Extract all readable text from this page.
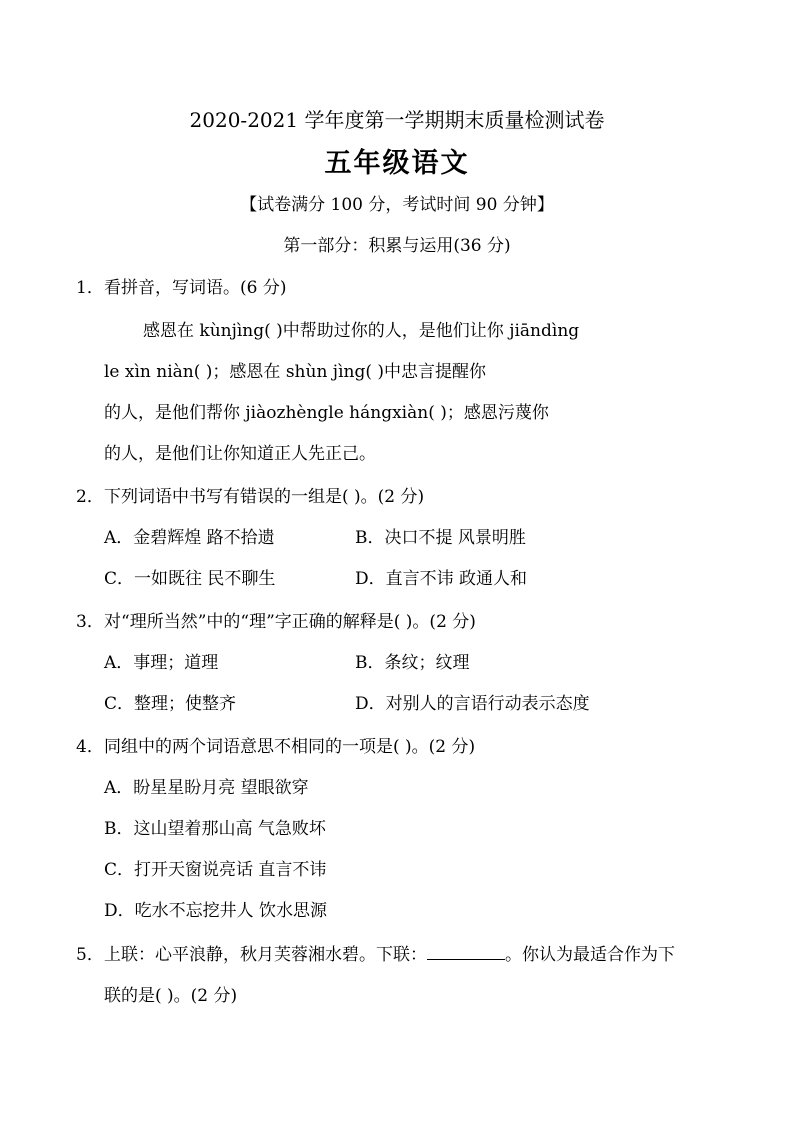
2020-2021 学年度第一学期期末质量检测试卷
五年级语文
【试卷满分 100 分，考试时间 90 分钟】
第一部分：积累与运用(36 分)
1． 看拼音，写词语。(6 分)
感恩在 kùnjìng( )中帮助过你的人，是他们让你 jiāndìng
le xìn niàn( )；感恩在 shùn jìng( )中忠言提醒你
的人，是他们帮你 jiàozhèngle hángxiàn( )；感恩污蔑你
的人，是他们让你知道正人先正己。
2． 下列词语中书写有错误的一组是( )。(2 分)
A．金碧辉煌 路不拾遗	B．决口不提 风景明胜
C．一如既往 民不聊生	D．直言不讳 政通人和
3． 对“理所当然”中的“理”字正确的解释是( )。(2 分)
A．事理；道理	B．条纹；纹理
C．整理；使整齐	D．对别人的言语行动表示态度
4． 同组中的两个词语意思不相同的一项是( )。(2 分)
A．盼星星盼月亮 望眼欲穿
B．这山望着那山高 气急败坏
C．打开天窗说亮话 直言不讳
D．吃水不忘挖井人 饮水思源
5． 上联：心平浪静，秋月芙蓉湘水碧。下联：	。你认为最适合作为下
联的是( )。(2 分)
